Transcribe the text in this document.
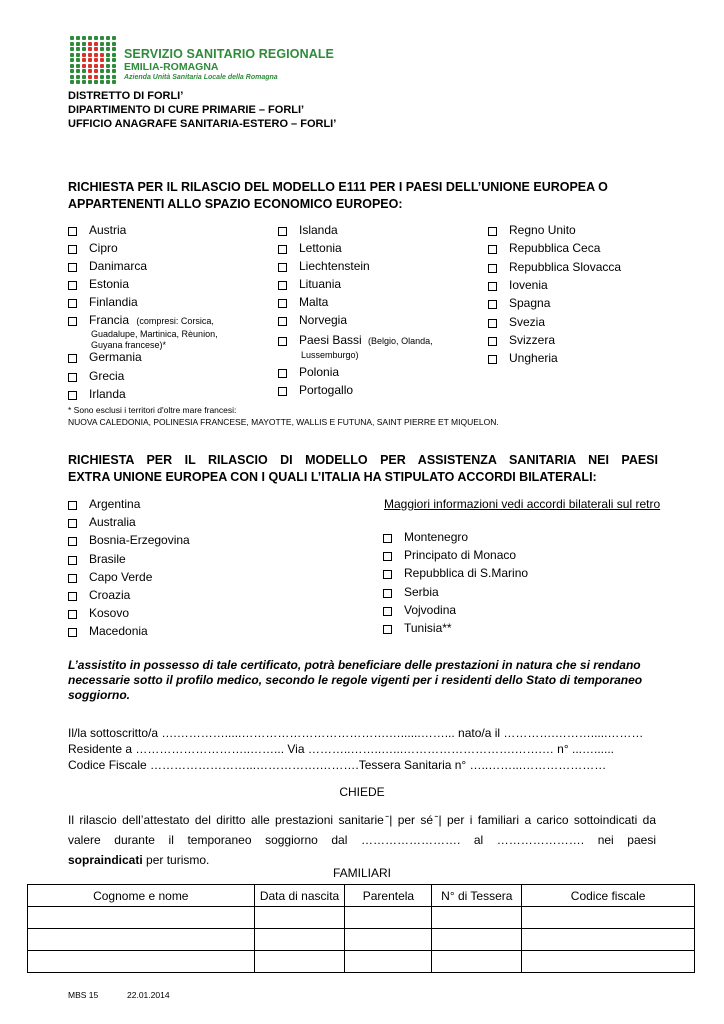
SERVIZIO SANITARIO REGIONALE
EMILIA-ROMAGNA
Azienda Unità Sanitaria Locale della Romagna
DISTRETTO DI FORLI’
DIPARTIMENTO DI CURE PRIMARIE – FORLI’
UFFICIO ANAGRAFE SANITARIA-ESTERO – FORLI’
RICHIESTA PER IL RILASCIO DEL MODELLO E111 PER I PAESI DELL’UNIONE EUROPEA O
APPARTENENTI ALLO SPAZIO ECONOMICO EUROPEO:
Austria
Cipro
Danimarca
Estonia
Finlandia
Francia (compresi: Corsica,
Guadalupe, Martinica, Rèunion,
Guyana francese)*
Germania
Grecia
Irlanda
Islanda
Lettonia
Liechtenstein
Lituania
Malta
Norvegia
Paesi Bassi (Belgio, Olanda,
Lussemburgo)
Polonia
Portogallo
Regno Unito
Repubblica Ceca
Repubblica Slovacca
Iovenia
Spagna
Svezia
Svizzera
Ungheria
* Sono esclusi i territori d'oltre mare francesi:
NUOVA CALEDONIA, POLINESIA FRANCESE, MAYOTTE, WALLIS E FUTUNA, SAINT PIERRE ET MIQUELON.
RICHIESTA PER IL RILASCIO DI MODELLO PER ASSISTENZA SANITARIA NEI PAESI
EXTRA UNIONE EUROPEA CON I QUALI L’ITALIA HA STIPULATO ACCORDI BILATERALI:
Argentina
Australia
Bosnia-Erzegovina
Brasile
Capo Verde
Croazia
Kosovo
Macedonia
Maggiori informazioni vedi accordi bilaterali sul retro
Montenegro
Principato di Monaco
Repubblica di S.Marino
Serbia
Vojvodina
Tunisia**
L’assistito in possesso di tale certificato, potrà beneficiare delle prestazioni in natura che si rendano
necessarie sotto il profilo medico, secondo le regole vigenti per i residenti dello Stato di temporaneo
soggiorno.
Il/la sottoscritto/a ….………….....……………………………….…......……... nato/a il ………….……….....………
Residente a ………………………..……... Via ………..……..…...……………………….…….… n° ...…......
Codice Fiscale ……………………...…………….……….Tessera Sanitaria n° …..……...…………………
CHIEDE
Il rilascio dell’attestato del diritto alle prestazioni sanitarie ̄| per sé ̄| per i familiari a carico sottoindicati da
valere durante il temporaneo soggiorno dal ……………………. al …………………. nei paesi
sopraindicati per turismo.
FAMILIARI
Cognome e nome	Data di nascita	Parentela	N° di Tessera	Codice fiscale

MBS 15	22.01.2014
